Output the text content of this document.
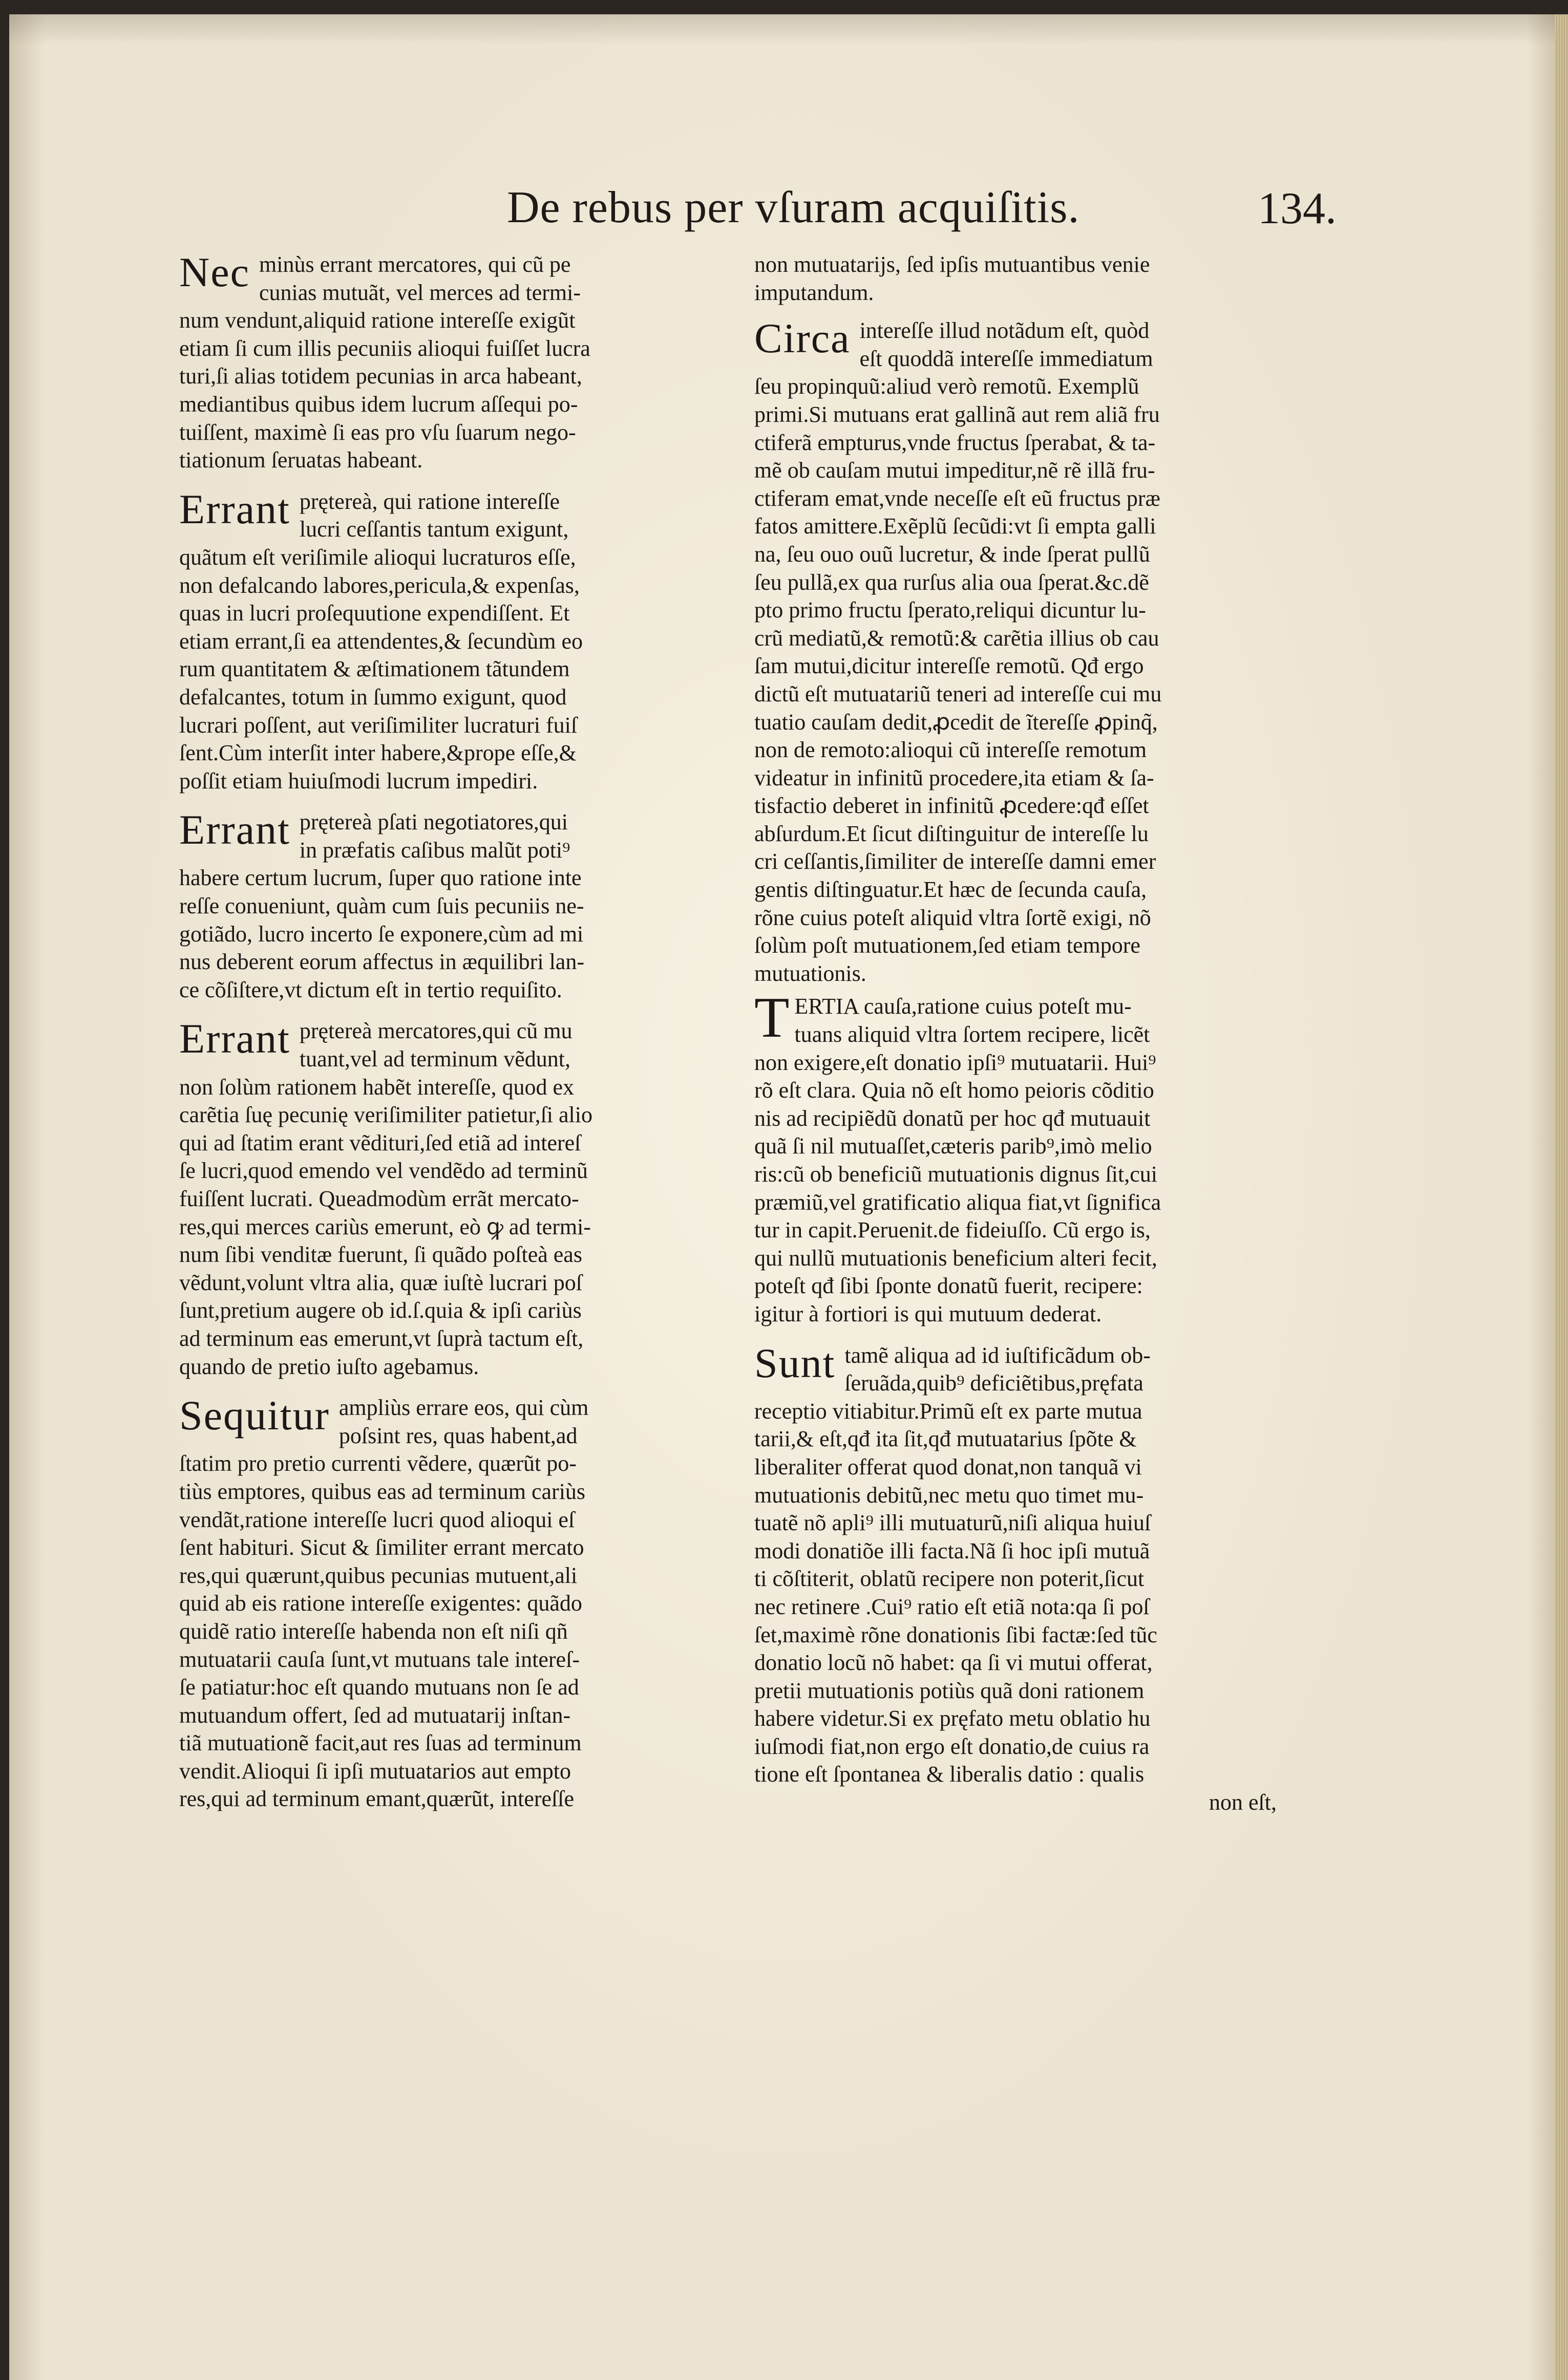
De rebus per vſuram acquiſitis.	134.
Nec minùs errant mercatores, qui cũ pe
cunias mutuãt, vel merces ad termi-
num vendunt,aliquid ratione intereſſe exigũt
etiam ſi cum illis pecuniis alioqui fuiſſet lucra
turi,ſi alias totidem pecunias in arca habeant,
mediantibus quibus idem lucrum aſſequi po-
tuiſſent, maximè ſi eas pro vſu ſuarum nego-
tiationum ſeruatas habeant.
Errant prętereà, qui ratione intereſſe
lucri ceſſantis tantum exigunt,
quãtum eſt veriſimile alioqui lucraturos eſſe,
non defalcando labores,pericula,& expenſas,
quas in lucri proſequutione expendiſſent. Et
etiam errant,ſi ea attendentes,& ſecundùm eo
rum quantitatem & æſtimationem tãtundem
defalcantes, totum in ſummo exigunt, quod
lucrari poſſent, aut veriſimiliter lucraturi fuiſ
ſent.Cùm interſit inter habere,&prope eſſe,&
poſſit etiam huiuſmodi lucrum impediri.
Errant prętereà pſati negotiatores,qui
in præfatis caſibus malũt poti⁹
habere certum lucrum, ſuper quo ratione inte
reſſe conueniunt, quàm cum ſuis pecuniis ne-
gotiãdo, lucro incerto ſe exponere,cùm ad mi
nus deberent eorum affectus in æquilibri lan-
ce cõſiſtere,vt dictum eſt in tertio requiſito.
Errant prętereà mercatores,qui cũ mu
tuant,vel ad terminum vẽdunt,
non ſolùm rationem habẽt intereſſe, quod ex
carẽtia ſuę pecunię veriſimiliter patietur,ſi alio
qui ad ſtatim erant vẽdituri,ſed etiã ad intereſ
ſe lucri,quod emendo vel vendẽdo ad terminũ
fuiſſent lucrati. Queadmodùm errãt mercato-
res,qui merces cariùs emerunt, eò ꝙ ad termi-
num ſibi venditæ fuerunt, ſi quãdo poſteà eas
vẽdunt,volunt vltra alia, quæ iuſtè lucrari poſ
ſunt,pretium augere ob id.ſ.quia & ipſi cariùs
ad terminum eas emerunt,vt ſuprà tactum eſt,
quando de pretio iuſto agebamus.
Sequitur ampliùs errare eos, qui cùm
poſsint res, quas habent,ad
ſtatim pro pretio currenti vẽdere, quærũt po-
tiùs emptores, quibus eas ad terminum cariùs
vendãt,ratione intereſſe lucri quod alioqui eſ
ſent habituri. Sicut & ſimiliter errant mercato
res,qui quærunt,quibus pecunias mutuent,ali
quid ab eis ratione intereſſe exigentes: quãdo
quidẽ ratio intereſſe habenda non eſt niſi qñ
mutuatarii cauſa ſunt,vt mutuans tale intereſ-
ſe patiatur:hoc eſt quando mutuans non ſe ad
mutuandum offert, ſed ad mutuatarij inſtan-
tiã mutuationẽ facit,aut res ſuas ad terminum
vendit.Alioqui ſi ipſi mutuatarios aut empto
res,qui ad terminum emant,quærũt, intereſſe
non mutuatarijs, ſed ipſis mutuantibus venie
imputandum.
Circa intereſſe illud notãdum eſt, quòd
eſt quoddã intereſſe immediatum
ſeu propinquũ:aliud verò remotũ. Exemplũ
primi.Si mutuans erat gallinã aut rem aliã fru
ctiferã empturus,vnde fructus ſperabat, & ta-
mẽ ob cauſam mutui impeditur,nẽ rẽ illã fru-
ctiferam emat,vnde neceſſe eſt eũ fructus præ
fatos amittere.Exẽplũ ſecũdi:vt ſi empta galli
na, ſeu ouo ouũ lucretur, & inde ſperat pullũ
ſeu pullã,ex qua rurſus alia oua ſperat.&c.dẽ
pto primo fructu ſperato,reliqui dicuntur lu-
crũ mediatũ,& remotũ:& carẽtia illius ob cau
ſam mutui,dicitur intereſſe remotũ. Qđ ergo
dictũ eſt mutuatariũ teneri ad intereſſe cui mu
tuatio cauſam dedit,ꝓcedit de ĩtereſſe ꝓpinq̃,
non de remoto:alioqui cũ intereſſe remotum
videatur in infinitũ procedere,ita etiam & ſa-
tisfactio deberet in infinitũ ꝓcedere:qđ eſſet
abſurdum.Et ſicut diſtinguitur de intereſſe lu
cri ceſſantis,ſimiliter de intereſſe damni emer
gentis diſtinguatur.Et hæc de ſecunda cauſa,
rõne cuius poteſt aliquid vltra ſortẽ exigi, nõ
ſolùm poſt mutuationem,ſed etiam tempore
mutuationis.
T ERTIA cauſa,ratione cuius poteſt mu-
tuans aliquid vltra ſortem recipere, licẽt
non exigere,eſt donatio ipſi⁹ mutuatarii. Hui⁹
rõ eſt clara. Quia nõ eſt homo peioris cõditio
nis ad recipiẽdũ donatũ per hoc qđ mutuauit
quã ſi nil mutuaſſet,cæteris parib⁹,imò melio
ris:cũ ob beneficiũ mutuationis dignus ſit,cui
præmiũ,vel gratificatio aliqua fiat,vt ſignifica
tur in capit.Peruenit.de fideiuſſo. Cũ ergo is,
qui nullũ mutuationis beneficium alteri fecit,
poteſt qđ ſibi ſponte donatũ fuerit, recipere:
igitur à fortiori is qui mutuum dederat.
Sunt tamẽ aliqua ad id iuſtificãdum ob-
ſeruãda,quib⁹ deficiẽtibus,pręfata
receptio vitiabitur.Primũ eſt ex parte mutua
tarii,& eſt,qđ ita ſit,qđ mutuatarius ſpõte &
liberaliter offerat quod donat,non tanquã vi
mutuationis debitũ,nec metu quo timet mu-
tuatẽ nõ apli⁹ illi mutuaturũ,niſi aliqua huiuſ
modi donatiõe illi facta.Nã ſi hoc ipſi mutuã
ti cõſtiterit, oblatũ recipere non poterit,ſicut
nec retinere .Cui⁹ ratio eſt etiã nota:qa ſi poſ
ſet,maximè rõne donationis ſibi factæ:ſed tũc
donatio locũ nõ habet: qa ſi vi mutui offerat,
pretii mutuationis potiùs quã doni rationem
habere videtur.Si ex pręfato metu oblatio hu
iuſmodi fiat,non ergo eſt donatio,de cuius ra
tione eſt ſpontanea & liberalis datio : qualis
non eſt,
